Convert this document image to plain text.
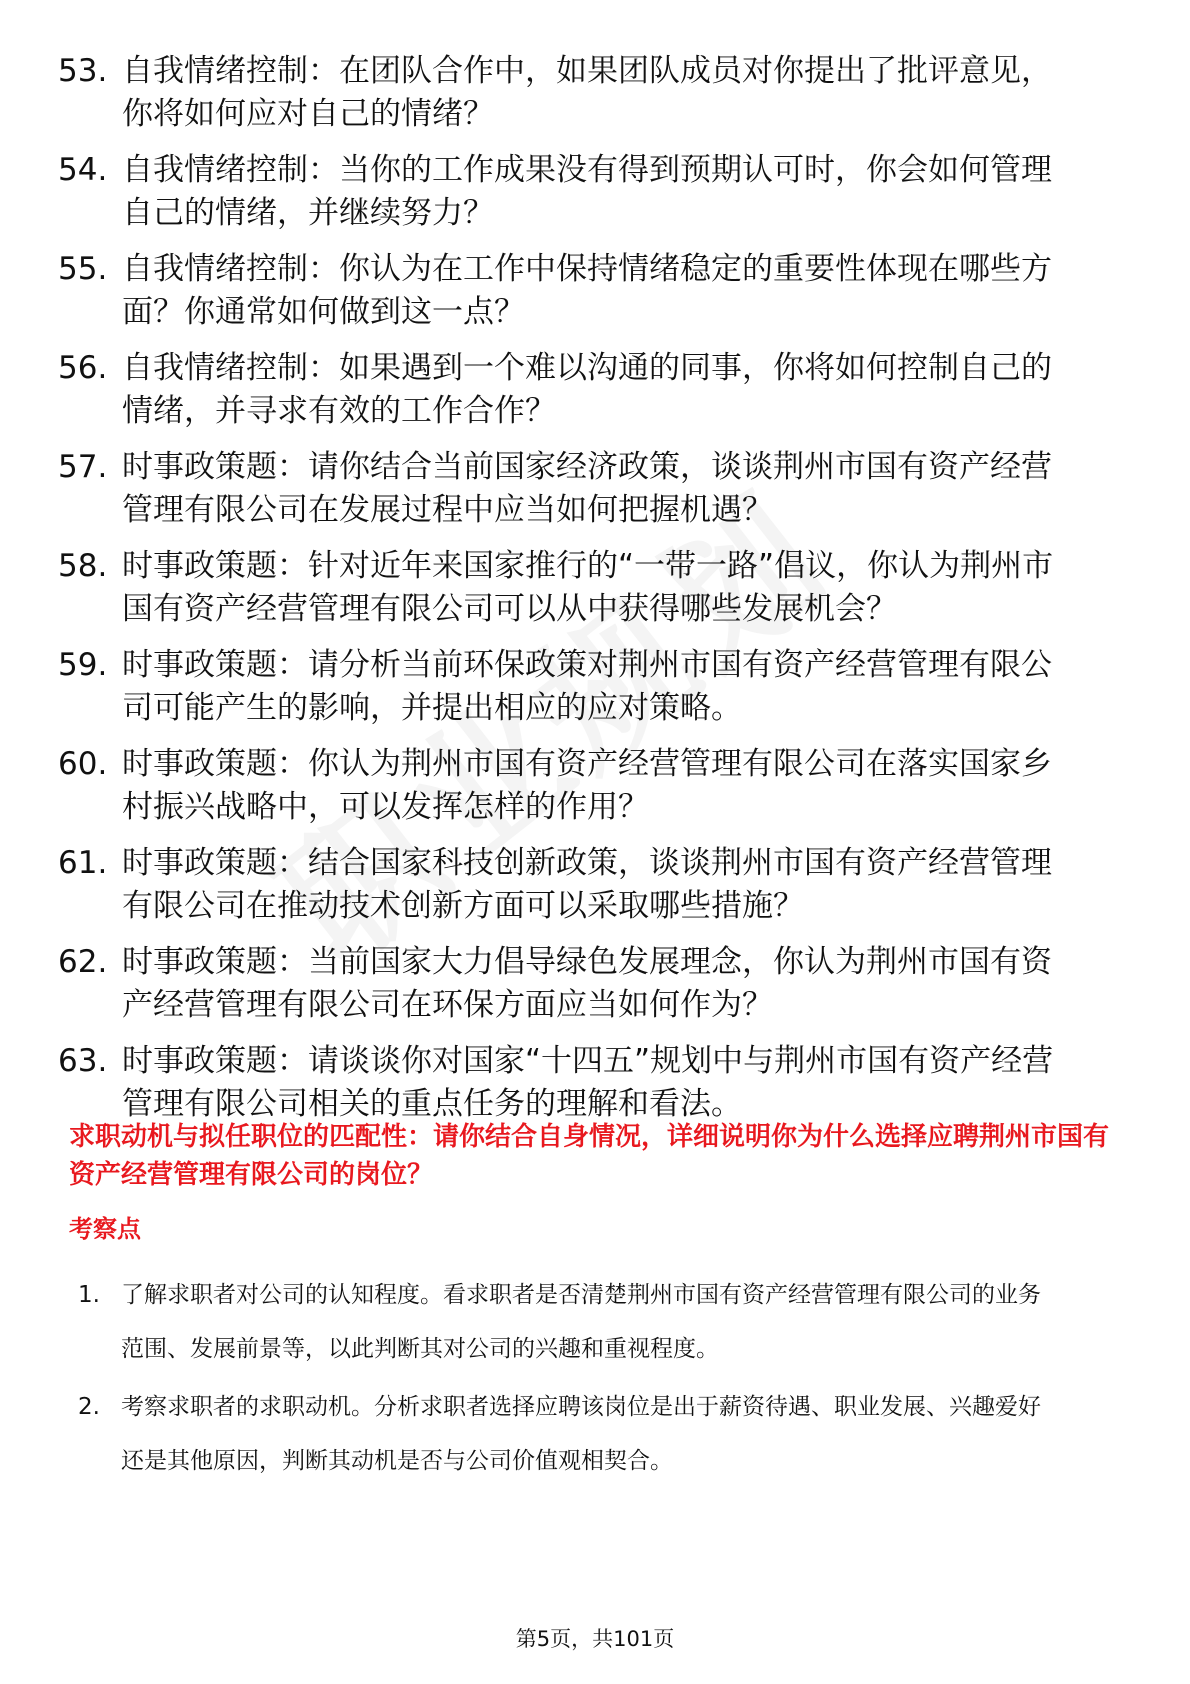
53. 自我情绪控制：在团队合作中，如果团队成员对你提出了批评意见，你将如何应对自己的情绪？
54. 自我情绪控制：当你的工作成果没有得到预期认可时，你会如何管理自己的情绪，并继续努力？
55. 自我情绪控制：你认为在工作中保持情绪稳定的重要性体现在哪些方面？你通常如何做到这一点？
56. 自我情绪控制：如果遇到一个难以沟通的同事，你将如何控制自己的情绪，并寻求有效的工作合作？
57. 时事政策题：请你结合当前国家经济政策，谈谈荆州市国有资产经营管理有限公司在发展过程中应当如何把握机遇？
58. 时事政策题：针对近年来国家推行的“一带一路”倡议，你认为荆州市国有资产经营管理有限公司可以从中获得哪些发展机会？
59. 时事政策题：请分析当前环保政策对荆州市国有资产经营管理有限公司可能产生的影响，并提出相应的应对策略。
60. 时事政策题：你认为荆州市国有资产经营管理有限公司在落实国家乡村振兴战略中，可以发挥怎样的作用？
61. 时事政策题：结合国家科技创新政策，谈谈荆州市国有资产经营管理有限公司在推动技术创新方面可以采取哪些措施？
62. 时事政策题：当前国家大力倡导绿色发展理念，你认为荆州市国有资产经营管理有限公司在环保方面应当如何作为？
63. 时事政策题：请谈谈你对国家“十四五”规划中与荆州市国有资产经营管理有限公司相关的重点任务的理解和看法。
求职动机与拟任职位的匹配性：请你结合自身情况，详细说明你为什么选择应聘荆州市国有资产经营管理有限公司的岗位？
考察点
1. 了解求职者对公司的认知程度。看求职者是否清楚荆州市国有资产经营管理有限公司的业务范围、发展前景等，以此判断其对公司的兴趣和重视程度。
2. 考察求职者的求职动机。分析求职者选择应聘该岗位是出于薪资待遇、职业发展、兴趣爱好还是其他原因，判断其动机是否与公司价值观相契合。
第5页，共101页
